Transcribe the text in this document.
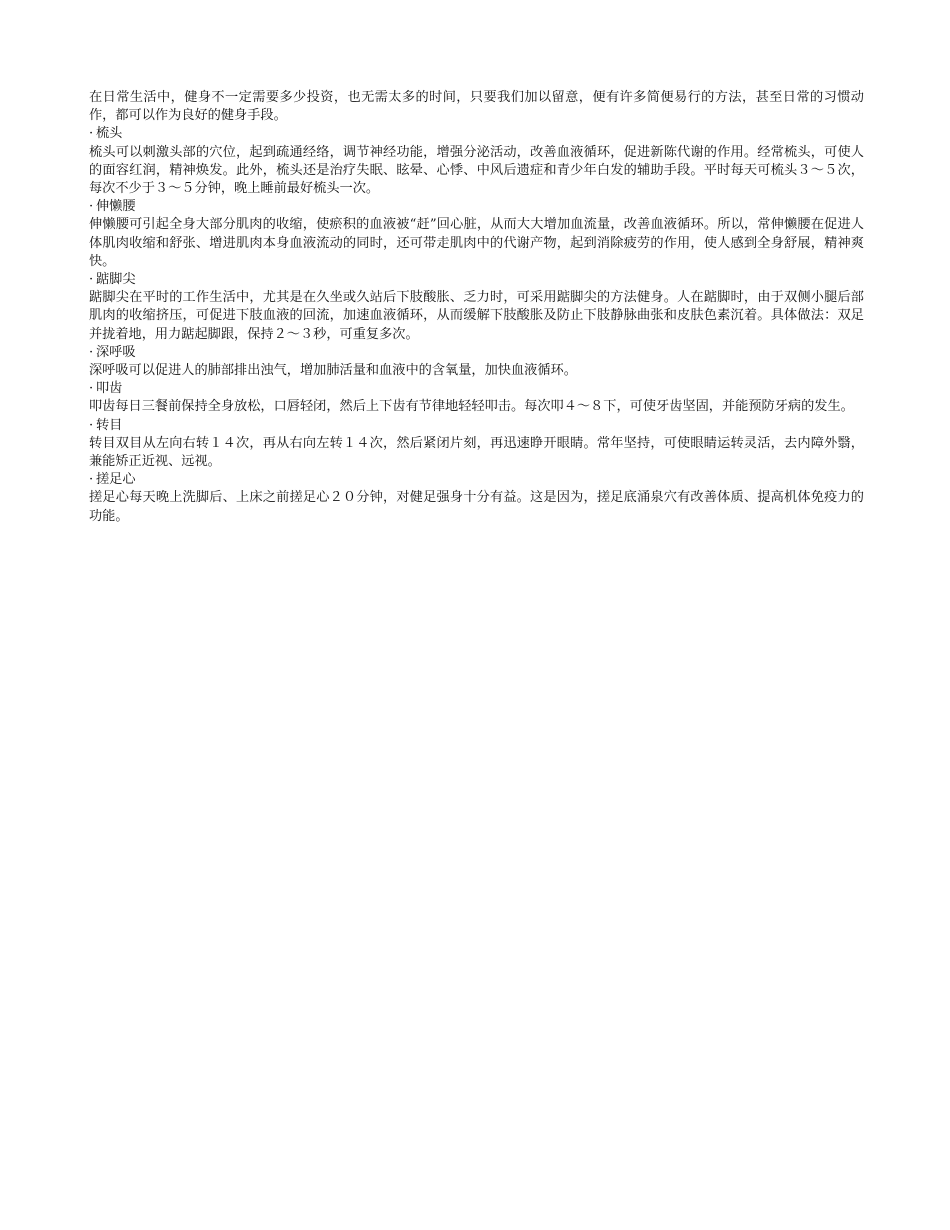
在日常生活中，健身不一定需要多少投资，也无需太多的时间，只要我们加以留意，便有许多简便易行的方法，甚至日常的习惯动作，都可以作为良好的健身手段。

· 梳头

梳头可以刺激头部的穴位，起到疏通经络，调节神经功能，增强分泌活动，改善血液循环，促进新陈代谢的作用。经常梳头，可使人的面容红润，精神焕发。此外，梳头还是治疗失眠、眩晕、心悸、中风后遗症和青少年白发的辅助手段。平时每天可梳头３～５次，每次不少于３～５分钟，晚上睡前最好梳头一次。

· 伸懒腰

伸懒腰可引起全身大部分肌肉的收缩，使瘀积的血液被“赶”回心脏，从而大大增加血流量，改善血液循环。所以，常伸懒腰在促进人体肌肉收缩和舒张、增进肌肉本身血液流动的同时，还可带走肌肉中的代谢产物，起到消除疲劳的作用，使人感到全身舒展，精神爽快。

· 踮脚尖

踮脚尖在平时的工作生活中，尤其是在久坐或久站后下肢酸胀、乏力时，可采用踮脚尖的方法健身。人在踮脚时，由于双侧小腿后部肌肉的收缩挤压，可促进下肢血液的回流，加速血液循环，从而缓解下肢酸胀及防止下肢静脉曲张和皮肤色素沉着。具体做法：双足并拢着地，用力踮起脚跟，保持２～３秒，可重复多次。

· 深呼吸

深呼吸可以促进人的肺部排出浊气，增加肺活量和血液中的含氧量，加快血液循环。

· 叩齿

叩齿每日三餐前保持全身放松，口唇轻闭，然后上下齿有节律地轻轻叩击。每次叩４～８下，可使牙齿坚固，并能预防牙病的发生。

· 转目

转目双目从左向右转１４次，再从右向左转１４次，然后紧闭片刻，再迅速睁开眼睛。常年坚持，可使眼睛运转灵活，去内障外翳，兼能矫正近视、远视。

· 搓足心

搓足心每天晚上洗脚后、上床之前搓足心２０分钟，对健足强身十分有益。这是因为，搓足底涌泉穴有改善体质、提高机体免疫力的功能。
